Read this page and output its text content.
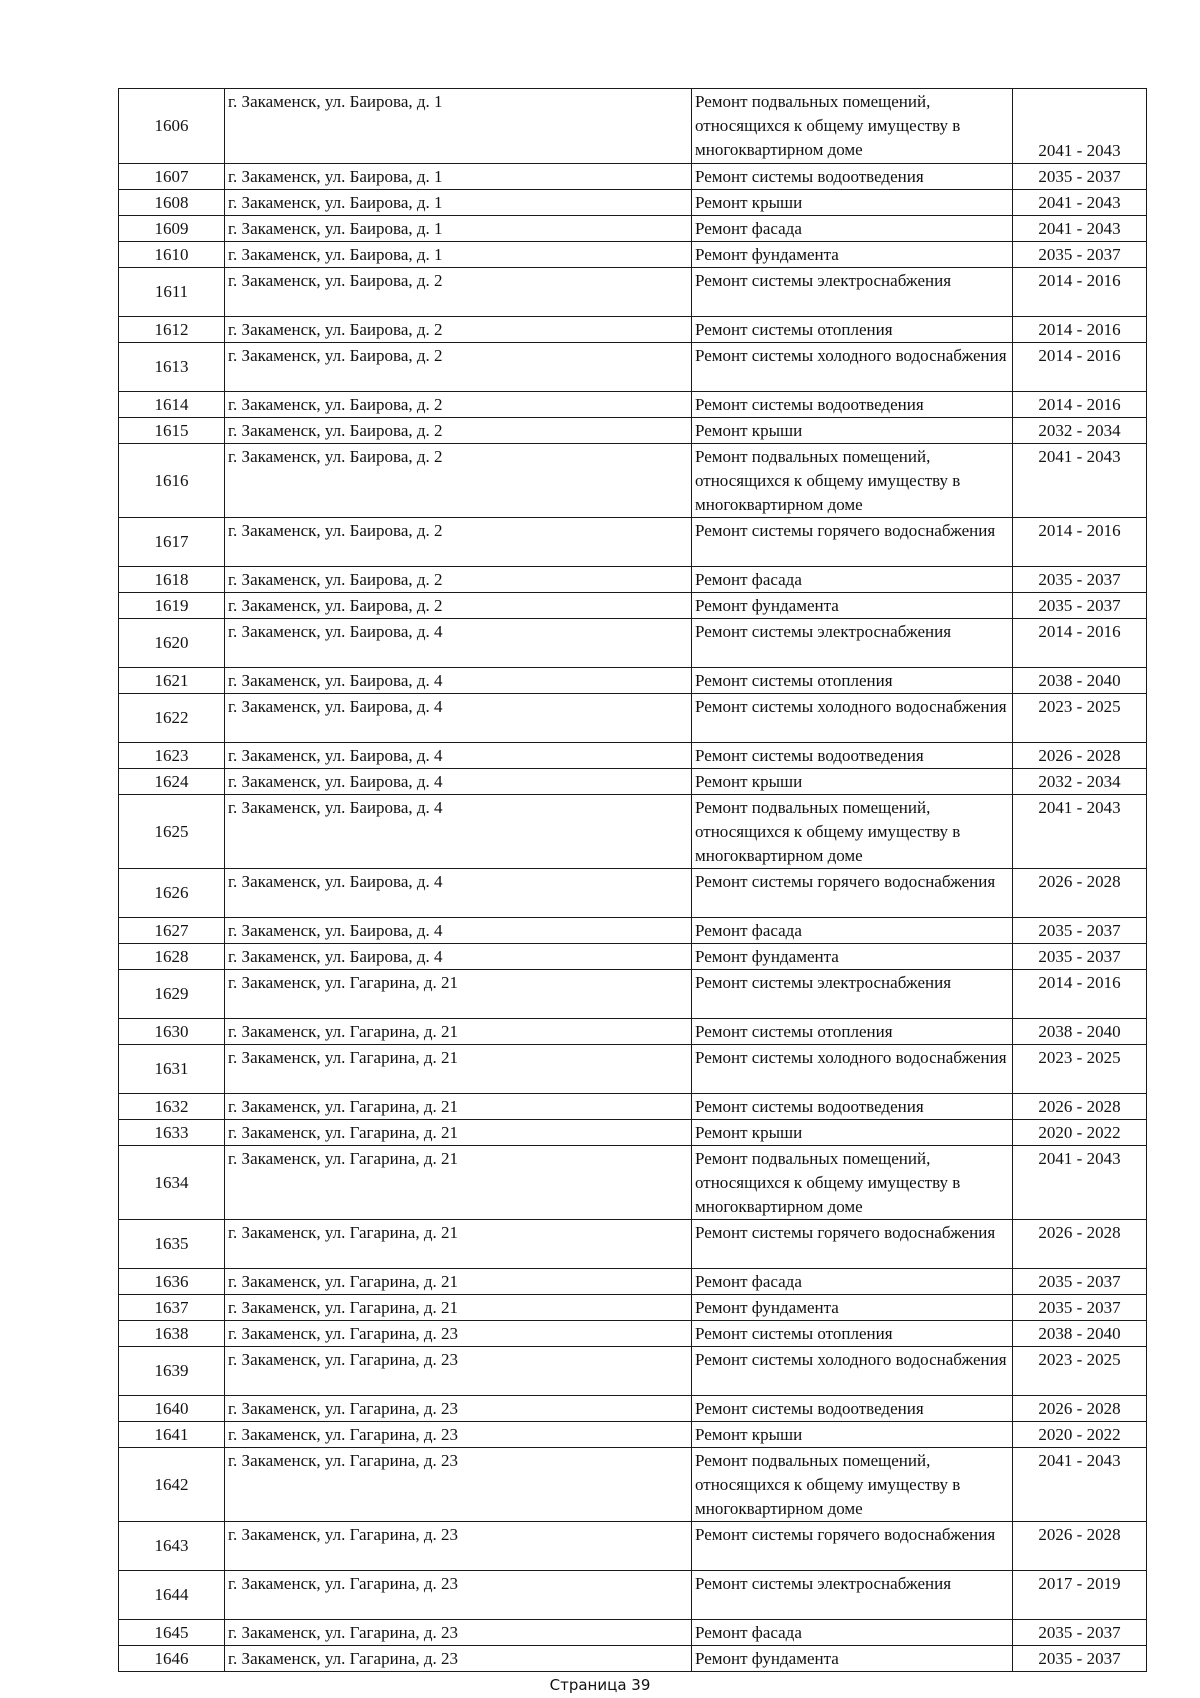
1606	г. Закаменск, ул. Баирова, д. 1	Ремонт подвальных помещений, относящихся к общему имуществу в многоквартирном доме	2041 - 2043
1607	г. Закаменск, ул. Баирова, д. 1	Ремонт системы водоотведения	2035 - 2037
1608	г. Закаменск, ул. Баирова, д. 1	Ремонт крыши	2041 - 2043
1609	г. Закаменск, ул. Баирова, д. 1	Ремонт фасада	2041 - 2043
1610	г. Закаменск, ул. Баирова, д. 1	Ремонт фундамента	2035 - 2037
1611	г. Закаменск, ул. Баирова, д. 2	Ремонт системы электроснабжения	2014 - 2016
1612	г. Закаменск, ул. Баирова, д. 2	Ремонт системы отопления	2014 - 2016
1613	г. Закаменск, ул. Баирова, д. 2	Ремонт системы холодного водоснабжения	2014 - 2016
1614	г. Закаменск, ул. Баирова, д. 2	Ремонт системы водоотведения	2014 - 2016
1615	г. Закаменск, ул. Баирова, д. 2	Ремонт крыши	2032 - 2034
1616	г. Закаменск, ул. Баирова, д. 2	Ремонт подвальных помещений, относящихся к общему имуществу в многоквартирном доме	2041 - 2043
1617	г. Закаменск, ул. Баирова, д. 2	Ремонт системы горячего водоснабжения	2014 - 2016
1618	г. Закаменск, ул. Баирова, д. 2	Ремонт фасада	2035 - 2037
1619	г. Закаменск, ул. Баирова, д. 2	Ремонт фундамента	2035 - 2037
1620	г. Закаменск, ул. Баирова, д. 4	Ремонт системы электроснабжения	2014 - 2016
1621	г. Закаменск, ул. Баирова, д. 4	Ремонт системы отопления	2038 - 2040
1622	г. Закаменск, ул. Баирова, д. 4	Ремонт системы холодного водоснабжения	2023 - 2025
1623	г. Закаменск, ул. Баирова, д. 4	Ремонт системы водоотведения	2026 - 2028
1624	г. Закаменск, ул. Баирова, д. 4	Ремонт крыши	2032 - 2034
1625	г. Закаменск, ул. Баирова, д. 4	Ремонт подвальных помещений, относящихся к общему имуществу в многоквартирном доме	2041 - 2043
1626	г. Закаменск, ул. Баирова, д. 4	Ремонт системы горячего водоснабжения	2026 - 2028
1627	г. Закаменск, ул. Баирова, д. 4	Ремонт фасада	2035 - 2037
1628	г. Закаменск, ул. Баирова, д. 4	Ремонт фундамента	2035 - 2037
1629	г. Закаменск, ул. Гагарина, д. 21	Ремонт системы электроснабжения	2014 - 2016
1630	г. Закаменск, ул. Гагарина, д. 21	Ремонт системы отопления	2038 - 2040
1631	г. Закаменск, ул. Гагарина, д. 21	Ремонт системы холодного водоснабжения	2023 - 2025
1632	г. Закаменск, ул. Гагарина, д. 21	Ремонт системы водоотведения	2026 - 2028
1633	г. Закаменск, ул. Гагарина, д. 21	Ремонт крыши	2020 - 2022
1634	г. Закаменск, ул. Гагарина, д. 21	Ремонт подвальных помещений, относящихся к общему имуществу в многоквартирном доме	2041 - 2043
1635	г. Закаменск, ул. Гагарина, д. 21	Ремонт системы горячего водоснабжения	2026 - 2028
1636	г. Закаменск, ул. Гагарина, д. 21	Ремонт фасада	2035 - 2037
1637	г. Закаменск, ул. Гагарина, д. 21	Ремонт фундамента	2035 - 2037
1638	г. Закаменск, ул. Гагарина, д. 23	Ремонт системы отопления	2038 - 2040
1639	г. Закаменск, ул. Гагарина, д. 23	Ремонт системы холодного водоснабжения	2023 - 2025
1640	г. Закаменск, ул. Гагарина, д. 23	Ремонт системы водоотведения	2026 - 2028
1641	г. Закаменск, ул. Гагарина, д. 23	Ремонт крыши	2020 - 2022
1642	г. Закаменск, ул. Гагарина, д. 23	Ремонт подвальных помещений, относящихся к общему имуществу в многоквартирном доме	2041 - 2043
1643	г. Закаменск, ул. Гагарина, д. 23	Ремонт системы горячего водоснабжения	2026 - 2028
1644	г. Закаменск, ул. Гагарина, д. 23	Ремонт системы электроснабжения	2017 - 2019
1645	г. Закаменск, ул. Гагарина, д. 23	Ремонт фасада	2035 - 2037
1646	г. Закаменск, ул. Гагарина, д. 23	Ремонт фундамента	2035 - 2037
Страница 39
